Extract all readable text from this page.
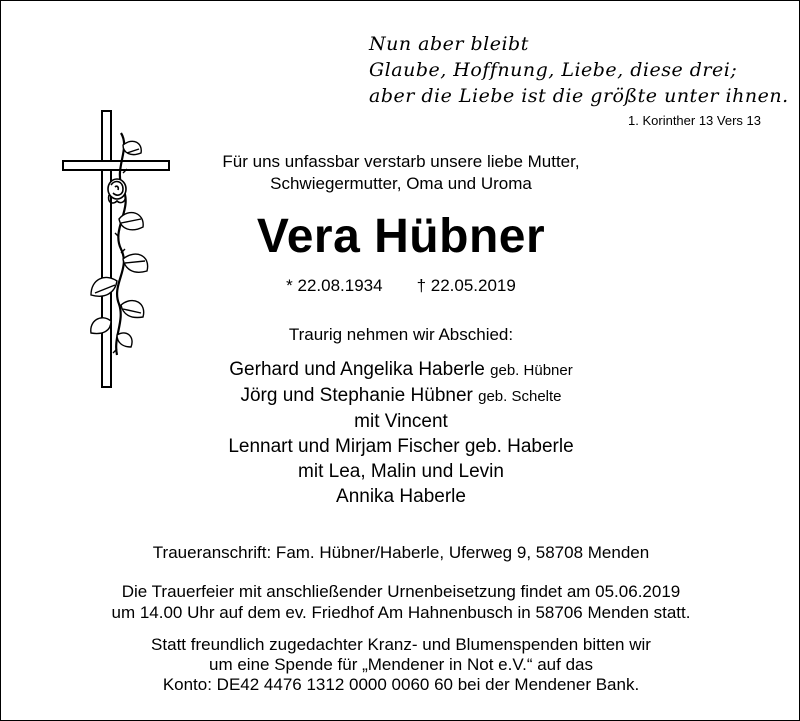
Nun aber bleibt
Glaube, Hoffnung, Liebe, diese drei;
aber die Liebe ist die größte unter ihnen.
1. Korinther 13 Vers 13
Für uns unfassbar verstarb unsere liebe Mutter,
Schwiegermutter, Oma und Uroma
Vera Hübner
* 22.08.1934 † 22.05.2019
Traurig nehmen wir Abschied:
Gerhard und Angelika Haberle geb. Hübner
Jörg und Stephanie Hübner geb. Schelte
mit Vincent
Lennart und Mirjam Fischer geb. Haberle
mit Lea, Malin und Levin
Annika Haberle
Traueranschrift: Fam. Hübner/Haberle, Uferweg 9, 58708 Menden
Die Trauerfeier mit anschließender Urnenbeisetzung findet am 05.06.2019
um 14.00 Uhr auf dem ev. Friedhof Am Hahnenbusch in 58706 Menden statt.
Statt freundlich zugedachter Kranz- und Blumenspenden bitten wir
um eine Spende für „Mendener in Not e.V.“ auf das
Konto: DE42 4476 1312 0000 0060 60 bei der Mendener Bank.
